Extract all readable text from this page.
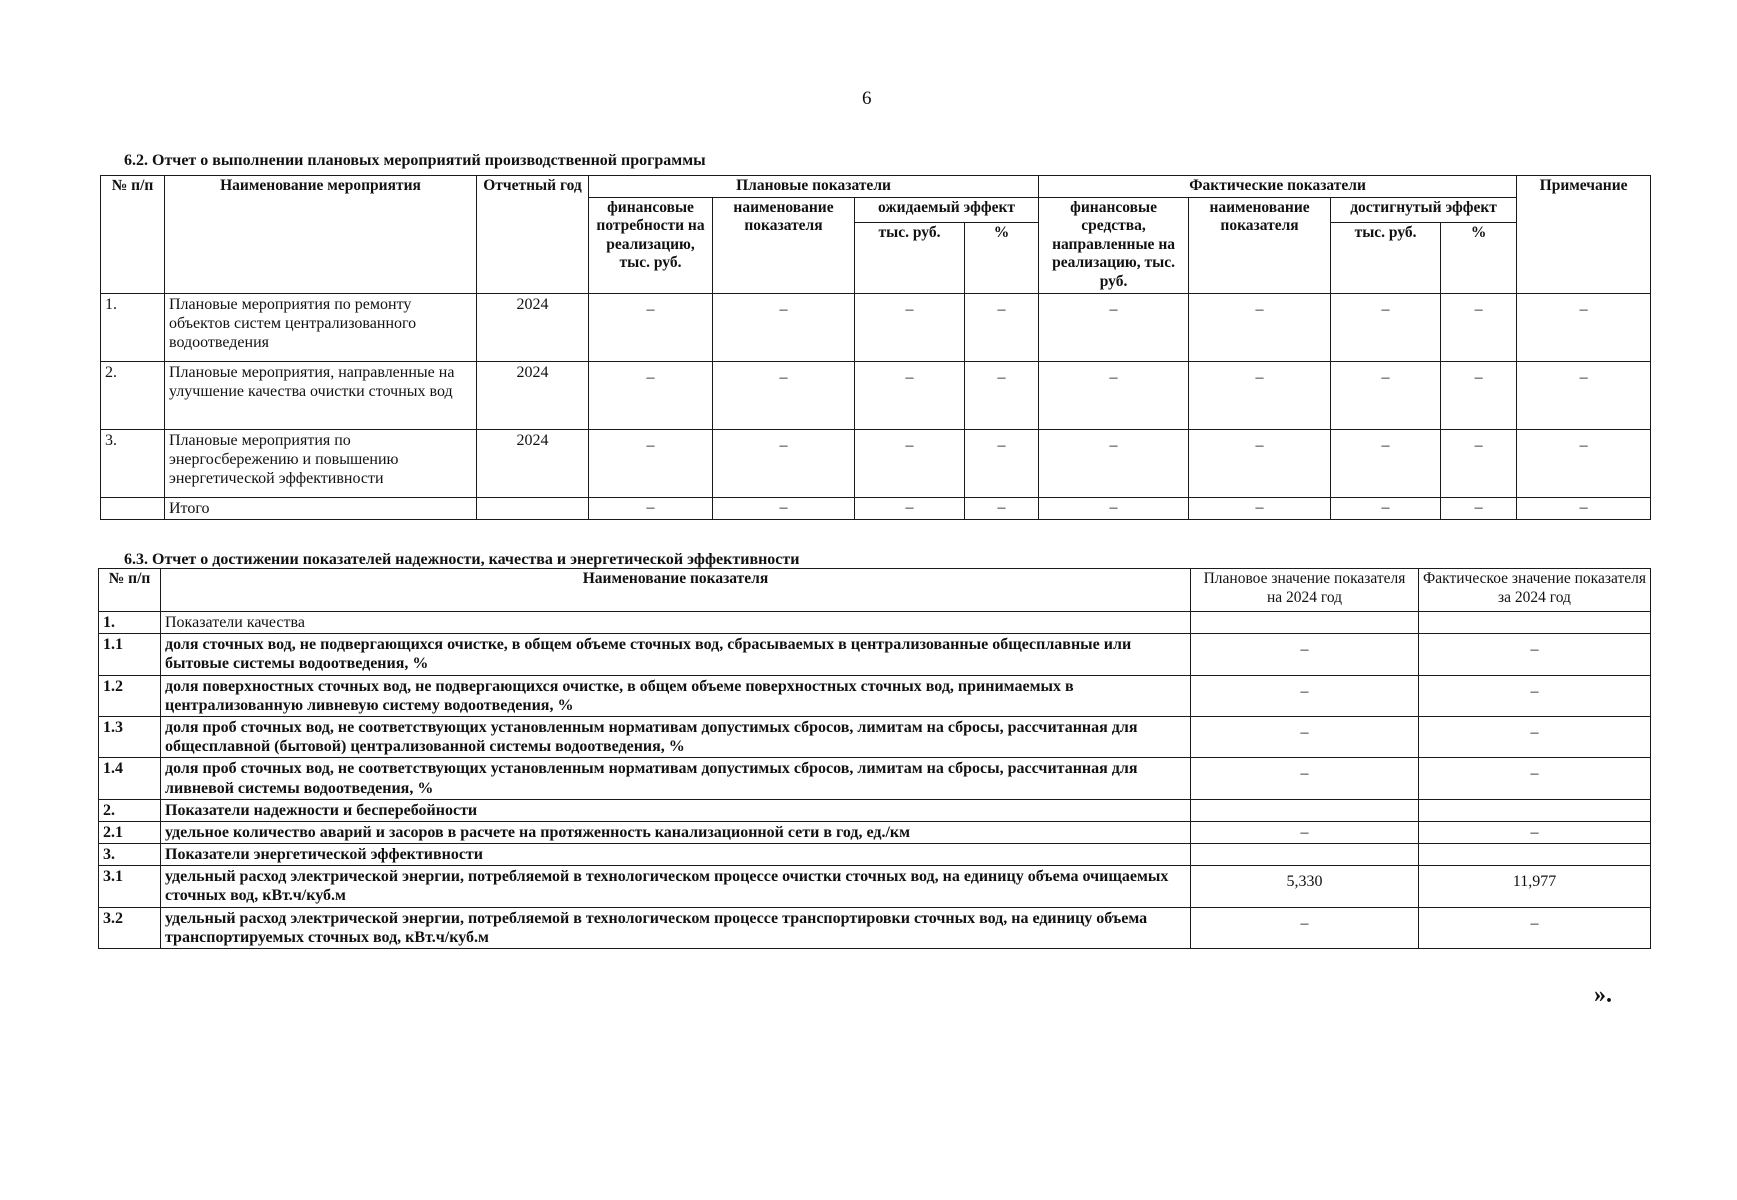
6
6.2. Отчет о выполнении плановых мероприятий производственной программы
№ п/п	Наименование мероприятия	Отчетный год	Плановые показатели				Фактические показатели				Примечание
			финансовые потребности на реализацию, тыс. руб.	наименование показателя	ожидаемый эффект		финансовые средства, направленные на реализацию, тыс. руб.	наименование показателя	достигнутый эффект		
					тыс. руб.	%			тыс. руб.	%	
1.	Плановые мероприятия по ремонту объектов систем централизованного водоотведения	2024	–	–	–	–	–	–	–	–	–
2.	Плановые мероприятия, направленные на улучшение качества очистки сточных вод	2024	–	–	–	–	–	–	–	–	–
3.	Плановые мероприятия по энергосбережению и повышению энергетической эффективности	2024	–	–	–	–	–	–	–	–	–
	Итого		–	–	–	–	–	–	–	–	–
6.3. Отчет о достижении показателей надежности, качества и энергетической эффективности
№ п/п	Наименование показателя	Плановое значение показателя на 2024 год	Фактическое значение показателя за 2024 год
1.	Показатели качества		
1.1	доля сточных вод, не подвергающихся очистке, в общем объеме сточных вод, сбрасываемых в централизованные общесплавные или бытовые системы водоотведения, %	–	–
1.2	доля поверхностных сточных вод, не подвергающихся очистке, в общем объеме поверхностных сточных вод, принимаемых в централизованную ливневую систему водоотведения, %	–	–
1.3	доля проб сточных вод, не соответствующих установленным нормативам допустимых сбросов, лимитам на сбросы, рассчитанная для общесплавной (бытовой) централизованной системы водоотведения, %	–	–
1.4	доля проб сточных вод, не соответствующих установленным нормативам допустимых сбросов, лимитам на сбросы, рассчитанная для ливневой системы водоотведения, %	–	–
2.	Показатели надежности и бесперебойности		
2.1	удельное количество аварий и засоров в расчете на протяженность канализационной сети в год, ед./км	–	–
3.	Показатели энергетической эффективности		
3.1	удельный расход электрической энергии, потребляемой в технологическом процессе очистки сточных вод, на единицу объема очищаемых сточных вод, кВт.ч/куб.м	5,330	11,977
3.2	удельный расход электрической энергии, потребляемой в технологическом процессе транспортировки сточных вод, на единицу объема транспортируемых сточных вод, кВт.ч/куб.м	–	–
».
